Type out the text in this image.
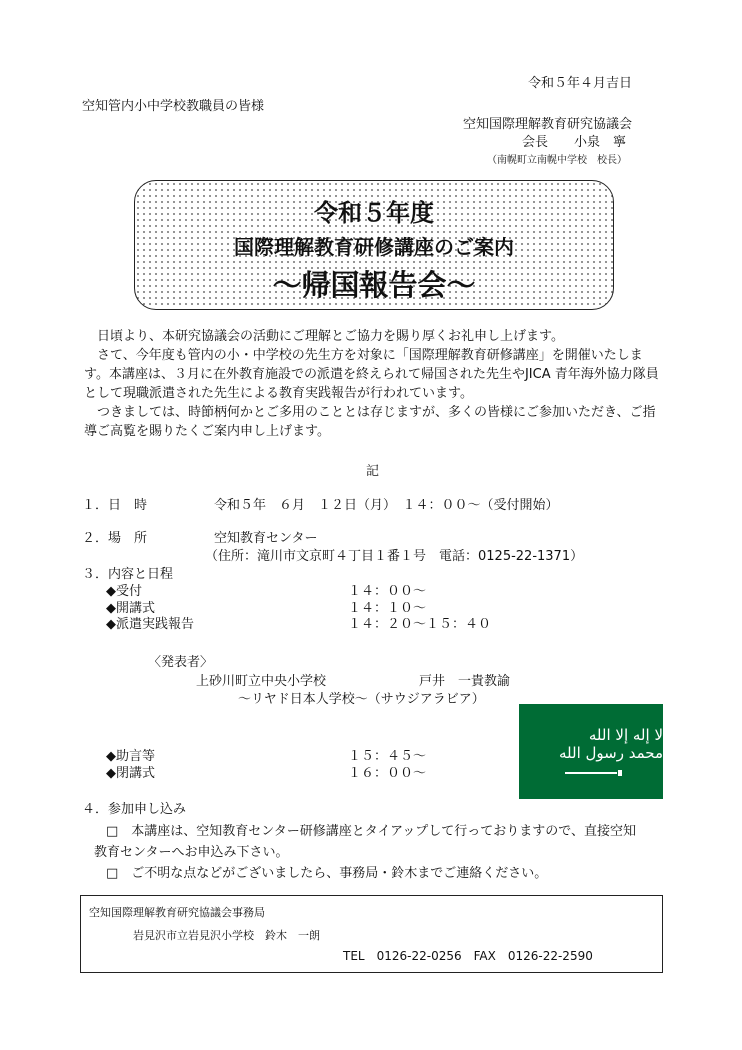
令和５年４月吉日
空知管内小中学校教職員の皆様
空知国際理解教育研究協議会
会長　　小泉　寧
（南幌町立南幌中学校　校長）
令和５年度
国際理解教育研修講座のご案内
～帰国報告会～

　日頃より、本研究協議会の活動にご理解とご協力を賜り厚くお礼申し上げます。

　さて、今年度も管内の小・中学校の先生方を対象に「国際理解教育研修講座」を開催いたします。本講座は、３月に在外教育施設での派遣を終えられて帰国された先生やJICA 青年海外協力隊員として現職派遣された先生による教育実践報告が行われています。

　つきましては、時節柄何かとご多用のこととは存じますが、多くの皆様にご参加いただき、ご指導ご高覧を賜りたくご案内申し上げます。

記
１．日　時	令和５年　６月　１２日（月）　１４：００～（受付開始）
２．場　所	空知教育センター
（住所：滝川市文京町４丁目１番１号　電話：0125-22-1371）
３．内容と日程
◆受付	１４：００～
◆開講式	１４：１０～
◆派遣実践報告	１４：２０～１５：４０
〈発表者〉
上砂川町立中央小学校	戸井　一貴教諭
～リヤド日本人学校～（サウジアラビア）
◆助言等	１５：４５～
◆閉講式	１６：００～
لا إله إلا الله محمد رسول الله
４．参加申し込み
□　本講座は、空知教育センター研修講座とタイアップして行っておりますので、直接空知
教育センターへお申込み下さい。
□　ご不明な点などがございましたら、事務局・鈴木までご連絡ください。
空知国際理解教育研究協議会事務局
岩見沢市立岩見沢小学校　鈴木　一朗
TEL　0126-22-0256　FAX　0126-22-2590
